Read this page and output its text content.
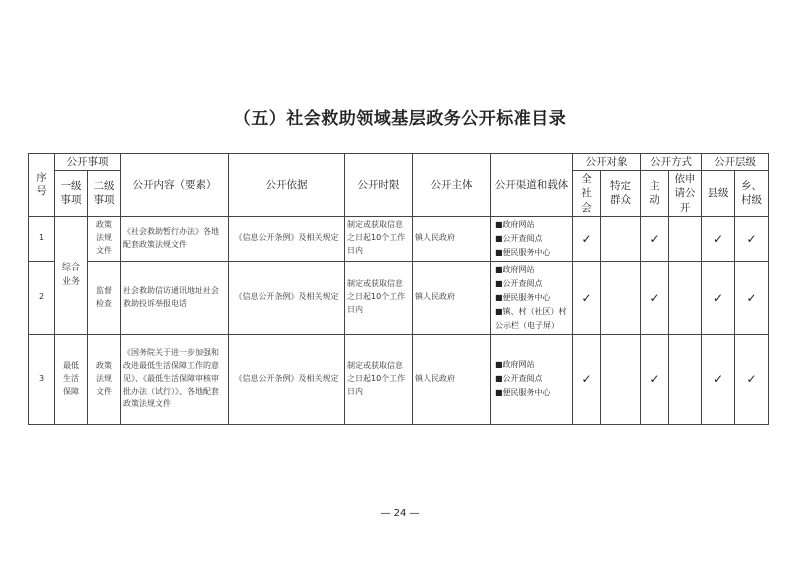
（五）社会救助领域基层政务公开标准目录
序号	公开事项		公开内容（要素）	公开依据	公开时限	公开主体	公开渠道和载体	公开对象		公开方式		公开层级	

	一级事项	二级事项						全社会	特定群众	主动	依申请公开	县级	乡、村级

1	综合业务	政策法规文件	《社会救助暂行办法》各地配套政策法规文件	《信息公开条例》及相关规定	制定或获取信息之日起10个工作日内	镇人民政府	■政府网站
■公开查阅点
■便民服务中心	✓		✓		✓	✓
2		监督检查	社会救助信访通讯地址社会救助投诉举报电话	《信息公开条例》及相关规定	制定或获取信息之日起10个工作日内	镇人民政府	■政府网站
■公开查阅点
■便民服务中心
■镇、村（社区）村
公示栏（电子屏）	✓		✓		✓	✓
3	最低生活保障	政策法规文件	《国务院关于进一步加强和改进最低生活保障工作的意见》、《最低生活保障审核审批办法（试行）》、各地配套政策法规文件	《信息公开条例》及相关规定	制定或获取信息之日起10个工作日内	镇人民政府	■政府网站
■公开查阅点
■便民服务中心	✓		✓		✓	✓
— 24 —
